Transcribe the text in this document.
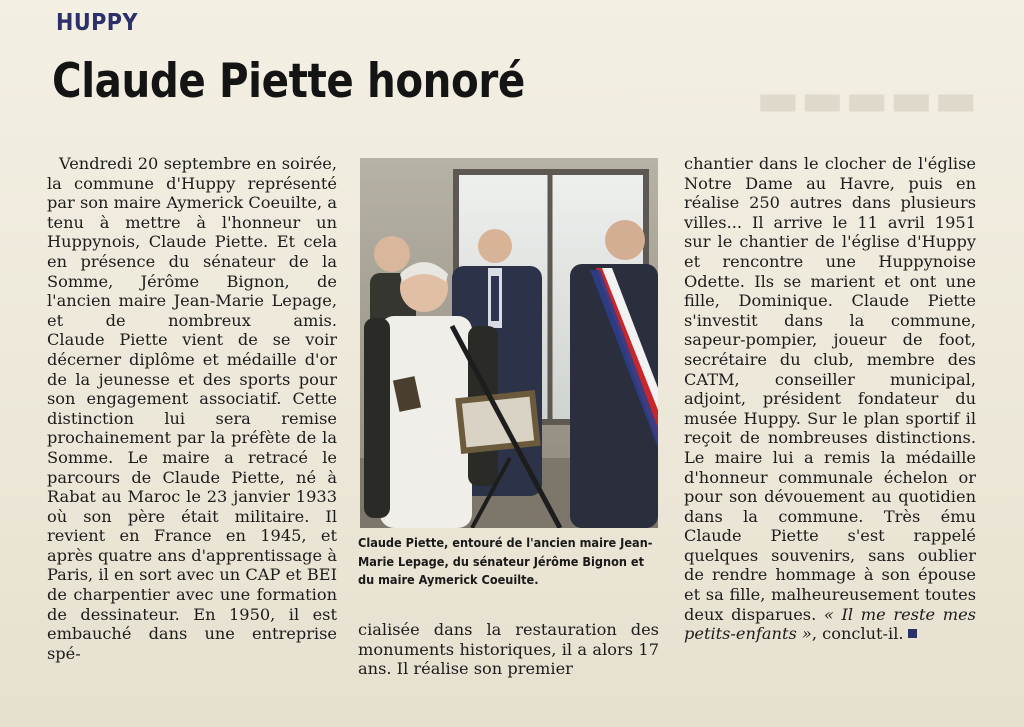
▬▬▬▬▬
HUPPY
Claude Piette honoré

Vendredi 20 septembre en soirée, la commune d'Huppy représenté par son maire Aymerick Coeuilte, a tenu à mettre à l'honneur un Huppynois, Claude Piette. Et cela en présence du sénateur de la Somme, Jérôme Bignon, de l'ancien maire Jean-Marie Lepage, et de nombreux amis.

Claude Piette vient de se voir décerner diplôme et médaille d'or de la jeunesse et des sports pour son engagement associatif. Cette distinction lui sera remise prochainement par la préfète de la Somme. Le maire a retracé le parcours de Claude Piette, né à Rabat au Maroc le 23 janvier 1933 où son père était militaire. Il revient en France en 1945, et après quatre ans d'apprentissage à Paris, il en sort avec un CAP et BEI de charpentier avec une formation de dessinateur. En 1950, il est embauché dans une entreprise spé-

Claude Piette, entouré de l'ancien maire Jean-Marie Lepage, du sénateur Jérôme Bignon et du maire Aymerick Coeuilte.

cialisée dans la restauration des monuments historiques, il a alors 17 ans. Il réalise son premier

chantier dans le clocher de l'église Notre Dame au Havre, puis en réalise 250 autres dans plusieurs villes... Il arrive le 11 avril 1951 sur le chantier de l'église d'Huppy et rencontre une Huppynoise Odette. Ils se marient et ont une fille, Dominique. Claude Piette s'investit dans la commune, sapeur-pompier, joueur de foot, secrétaire du club, membre des CATM, conseiller municipal, adjoint, président fondateur du musée Huppy. Sur le plan sportif il reçoit de nombreuses distinctions. Le maire lui a remis la médaille d'honneur communale échelon or pour son dévouement au quotidien dans la commune. Très ému Claude Piette s'est rappelé quelques souvenirs, sans oublier de rendre hommage à son épouse et sa fille, malheureusement toutes deux disparues. « Il me reste mes petits-enfants », conclut-il.
